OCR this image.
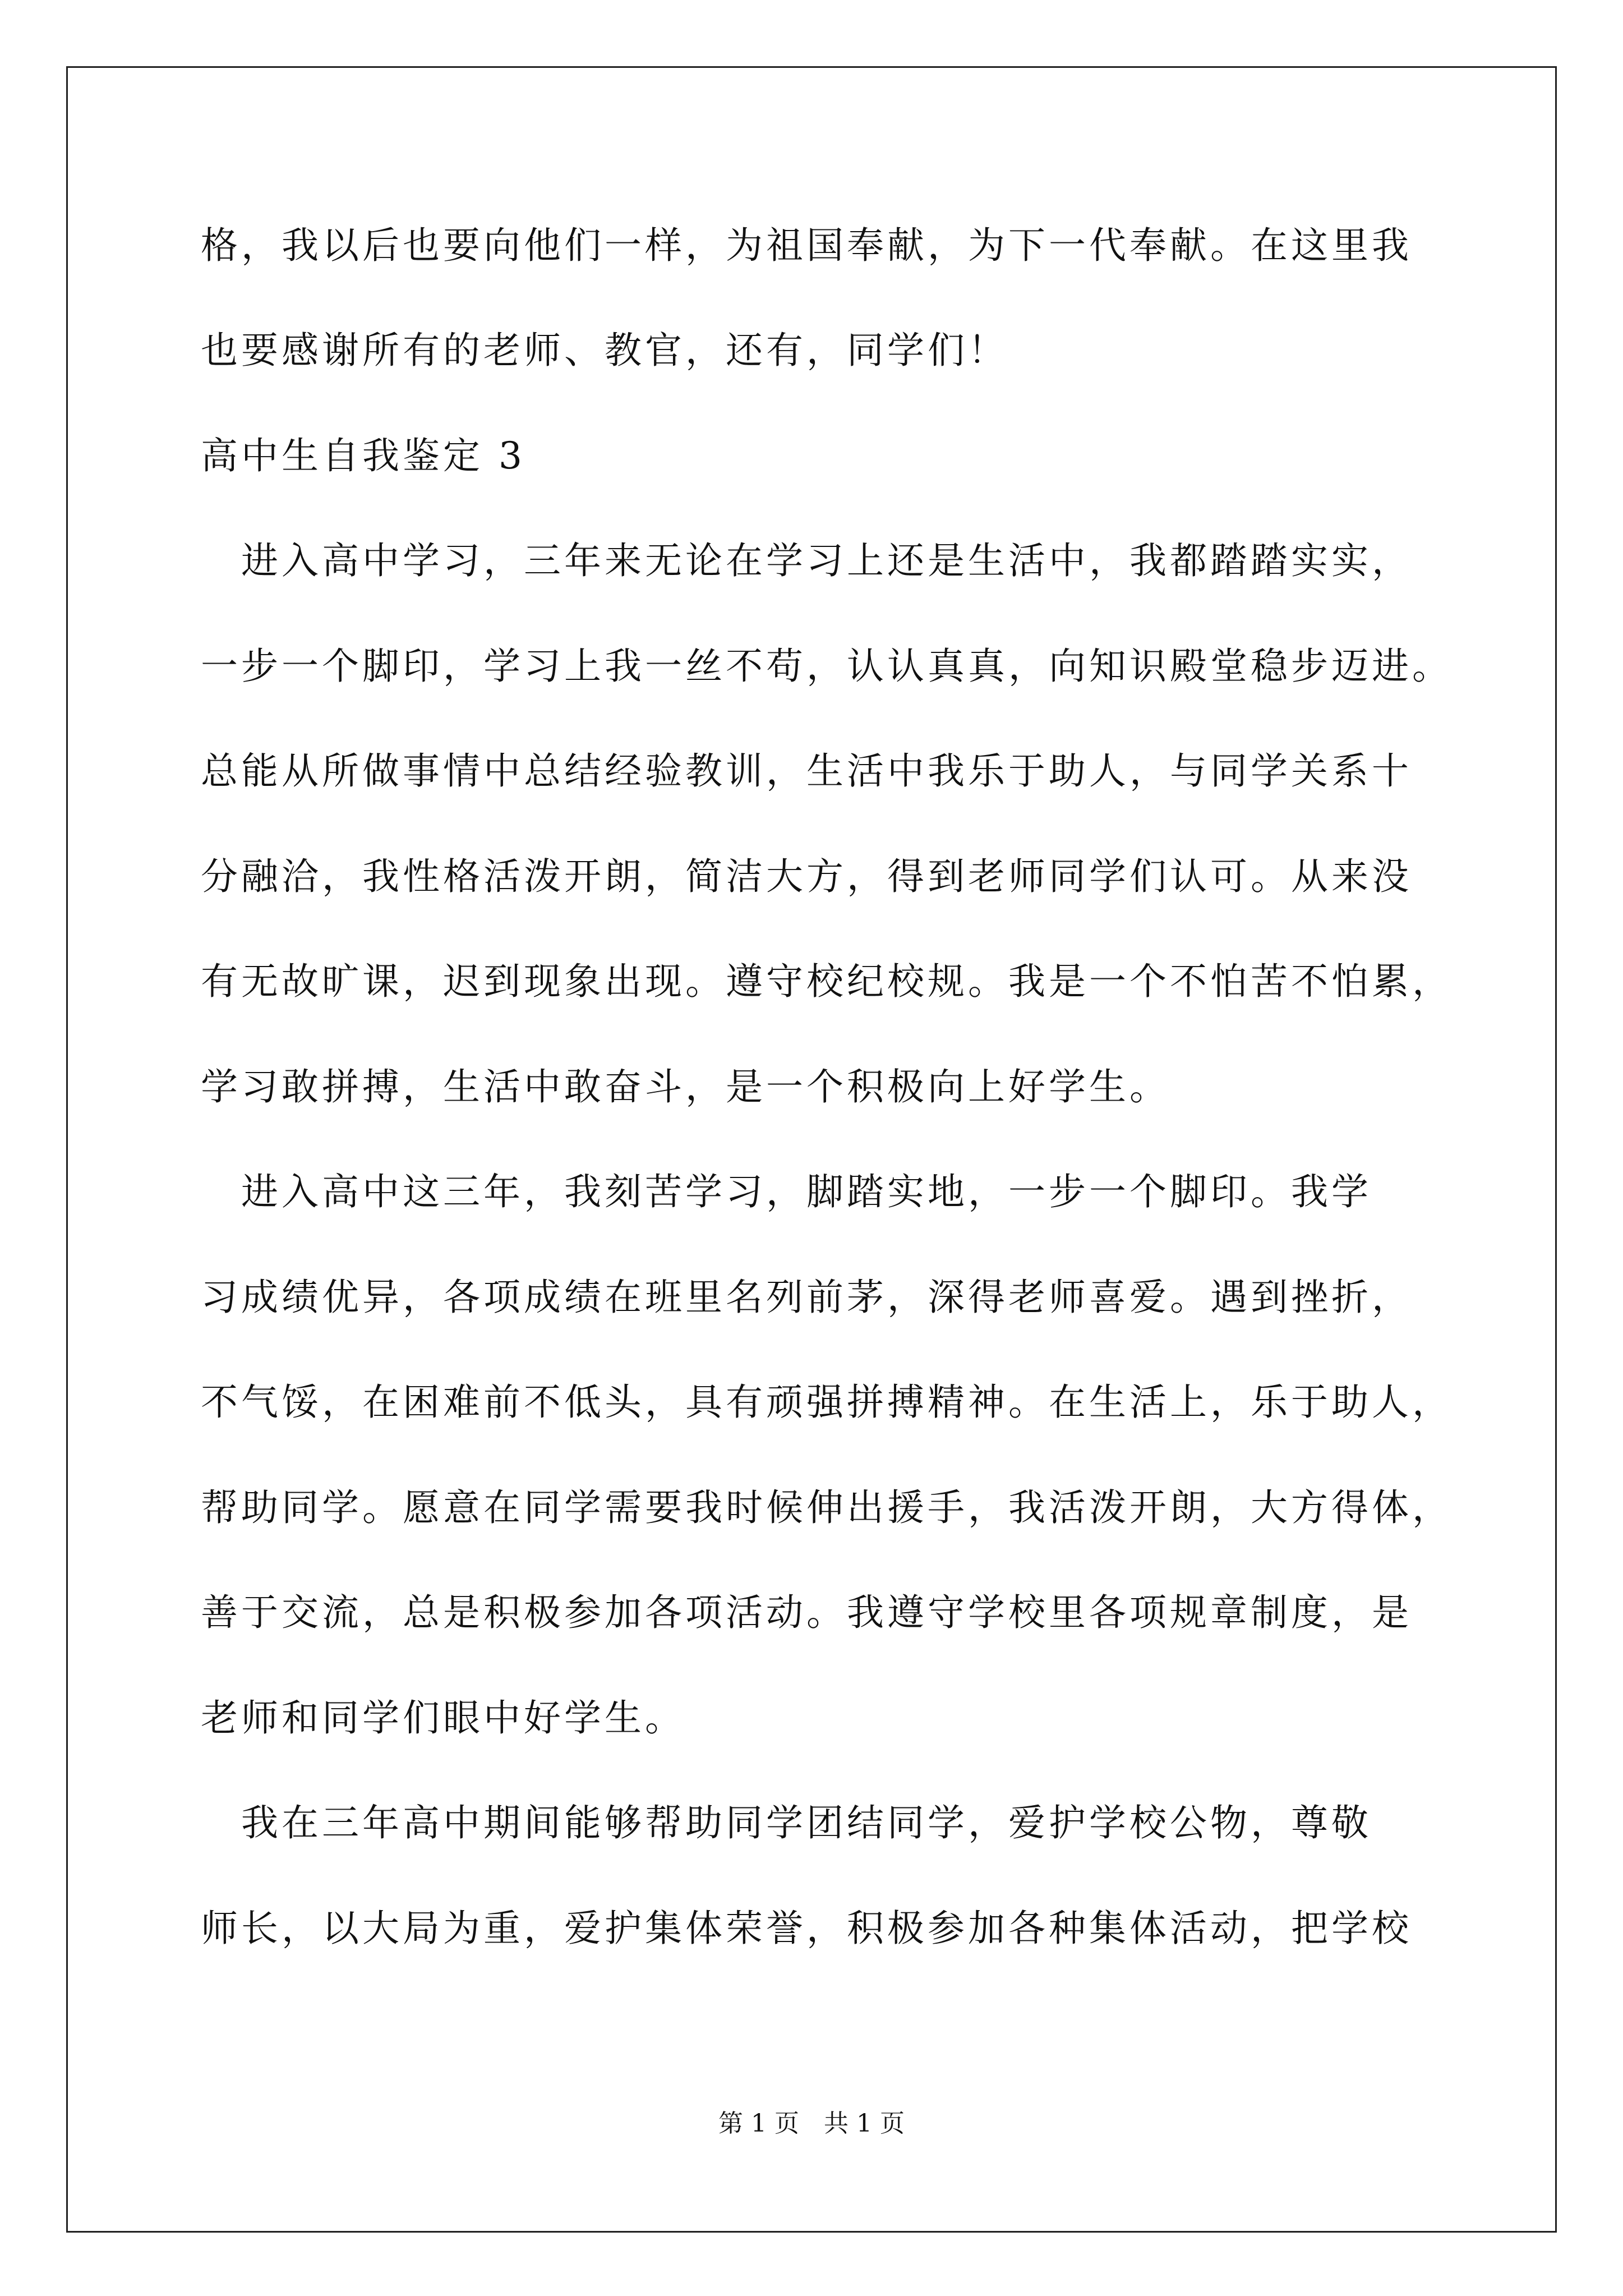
格，我以后也要向他们一样，为祖国奉献，为下一代奉献。在这里我

也要感谢所有的老师、教官，还有，同学们！

高中生自我鉴定 3

　进入高中学习，三年来无论在学习上还是生活中，我都踏踏实实，

一步一个脚印，学习上我一丝不苟，认认真真，向知识殿堂稳步迈进。

总能从所做事情中总结经验教训，生活中我乐于助人，与同学关系十

分融洽，我性格活泼开朗，简洁大方，得到老师同学们认可。从来没

有无故旷课，迟到现象出现。遵守校纪校规。我是一个不怕苦不怕累，

学习敢拼搏，生活中敢奋斗，是一个积极向上好学生。

　进入高中这三年，我刻苦学习，脚踏实地，一步一个脚印。我学

习成绩优异，各项成绩在班里名列前茅，深得老师喜爱。遇到挫折，

不气馁，在困难前不低头，具有顽强拼搏精神。在生活上，乐于助人，

帮助同学。愿意在同学需要我时候伸出援手，我活泼开朗，大方得体，

善于交流，总是积极参加各项活动。我遵守学校里各项规章制度，是

老师和同学们眼中好学生。

　我在三年高中期间能够帮助同学团结同学，爱护学校公物，尊敬

师长，以大局为重，爱护集体荣誉，积极参加各种集体活动，把学校

第 1 页　共 1 页
